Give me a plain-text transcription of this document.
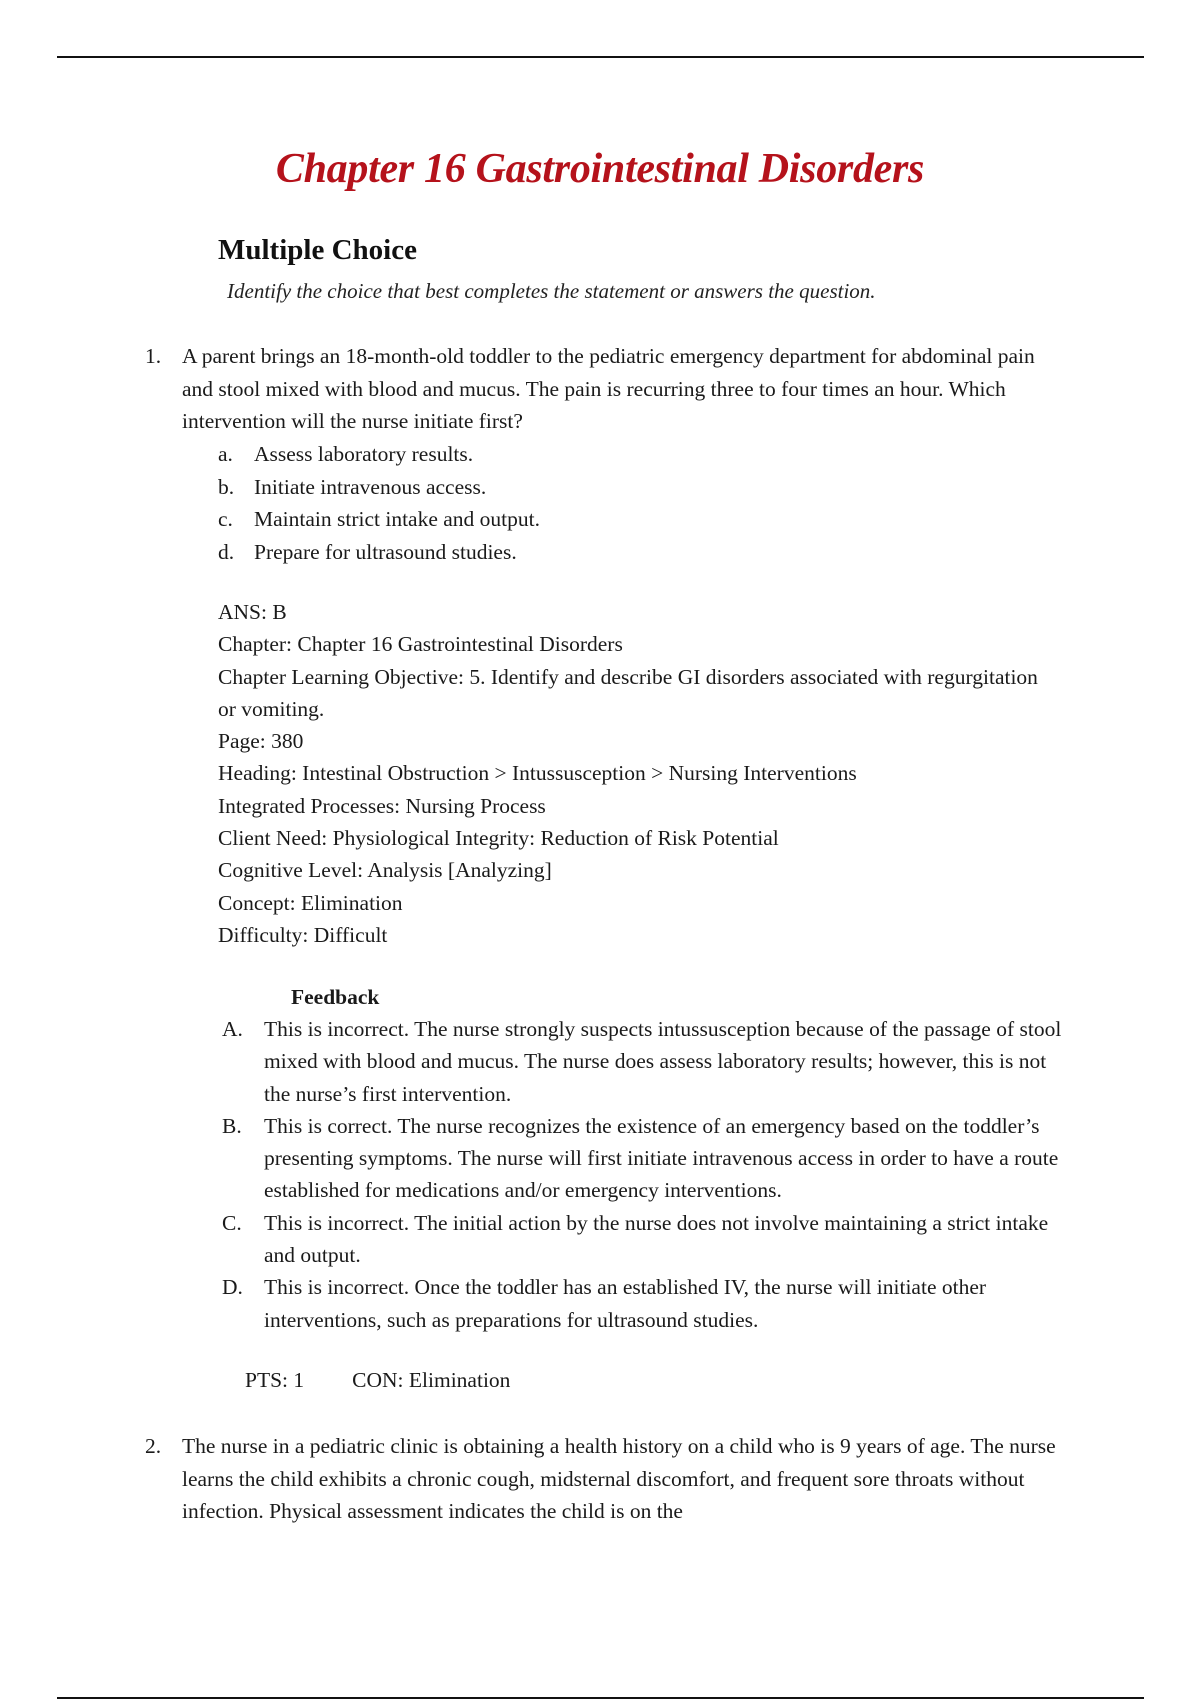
Chapter 16 Gastrointestinal Disorders
Multiple Choice
Identify the choice that best completes the statement or answers the question.
1. A parent brings an 18-month-old toddler to the pediatric emergency department for abdominal pain and stool mixed with blood and mucus. The pain is recurring three to four times an hour. Which intervention will the nurse initiate first?
a. Assess laboratory results.
b. Initiate intravenous access.
c. Maintain strict intake and output.
d. Prepare for ultrasound studies.
ANS: B
Chapter: Chapter 16 Gastrointestinal Disorders
Chapter Learning Objective: 5. Identify and describe GI disorders associated with regurgitation or vomiting.
Page: 380
Heading: Intestinal Obstruction > Intussusception > Nursing Interventions
Integrated Processes: Nursing Process
Client Need: Physiological Integrity: Reduction of Risk Potential
Cognitive Level: Analysis [Analyzing]
Concept: Elimination
Difficulty: Difficult
Feedback
A. This is incorrect. The nurse strongly suspects intussusception because of the passage of stool mixed with blood and mucus. The nurse does assess laboratory results; however, this is not the nurse’s first intervention.
B.	This is correct. The nurse recognizes the existence of an emergency based on the toddler’s presenting symptoms. The nurse will first initiate intravenous access in order to have a route established for medications and/or emergency interventions.
C.	This is incorrect. The initial action by the nurse does not involve maintaining a strict intake and output.
D. This is incorrect. Once the toddler has an established IV, the nurse will initiate other interventions, such as preparations for ultrasound studies.
PTS: 1 CON: Elimination
2. The nurse in a pediatric clinic is obtaining a health history on a child who is 9 years of age. The nurse learns the child exhibits a chronic cough, midsternal discomfort, and frequent sore throats without infection. Physical assessment indicates the child is on the
